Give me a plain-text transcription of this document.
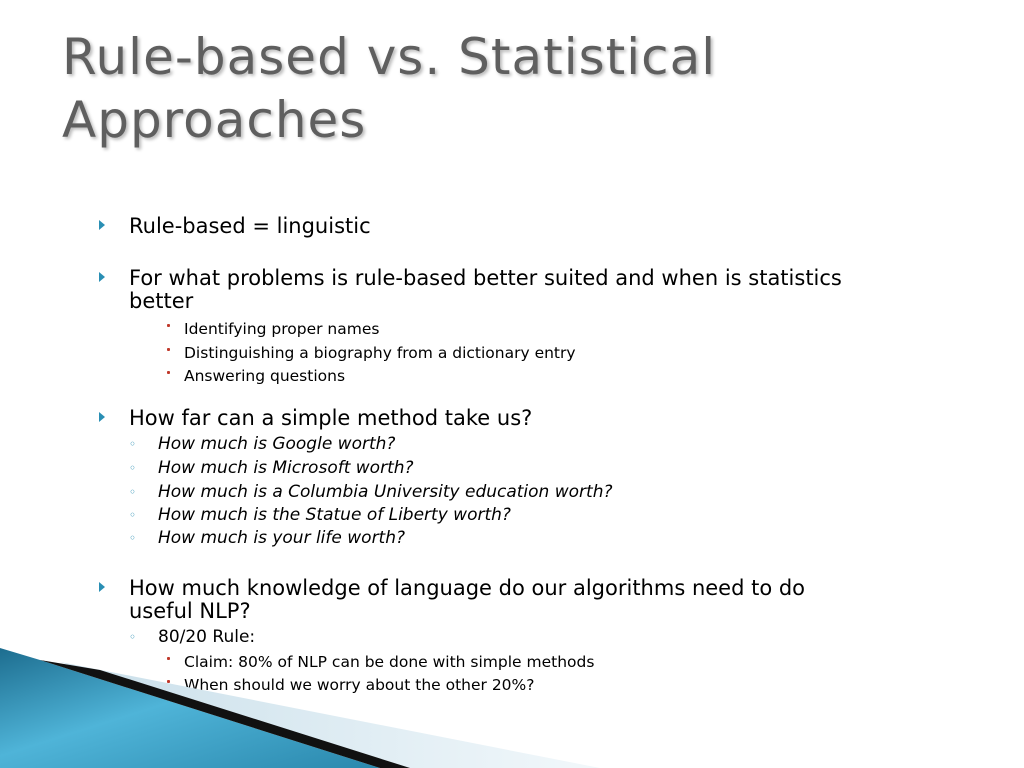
Rule-based vs. Statistical
Approaches
Rule-based = linguistic
For what problems is rule-based better suited and when is statistics
better
Identifying proper names
Distinguishing a biography from a dictionary entry
Answering questions
How far can a simple method take us?
◦ How much is Google worth?
◦ How much is Microsoft worth?
◦ How much is a Columbia University education worth?
◦ How much is the Statue of Liberty worth?
◦ How much is your life worth?
How much knowledge of language do our algorithms need to do
useful NLP?
◦ 80/20 Rule:
Claim: 80% of NLP can be done with simple methods
When should we worry about the other 20%?
